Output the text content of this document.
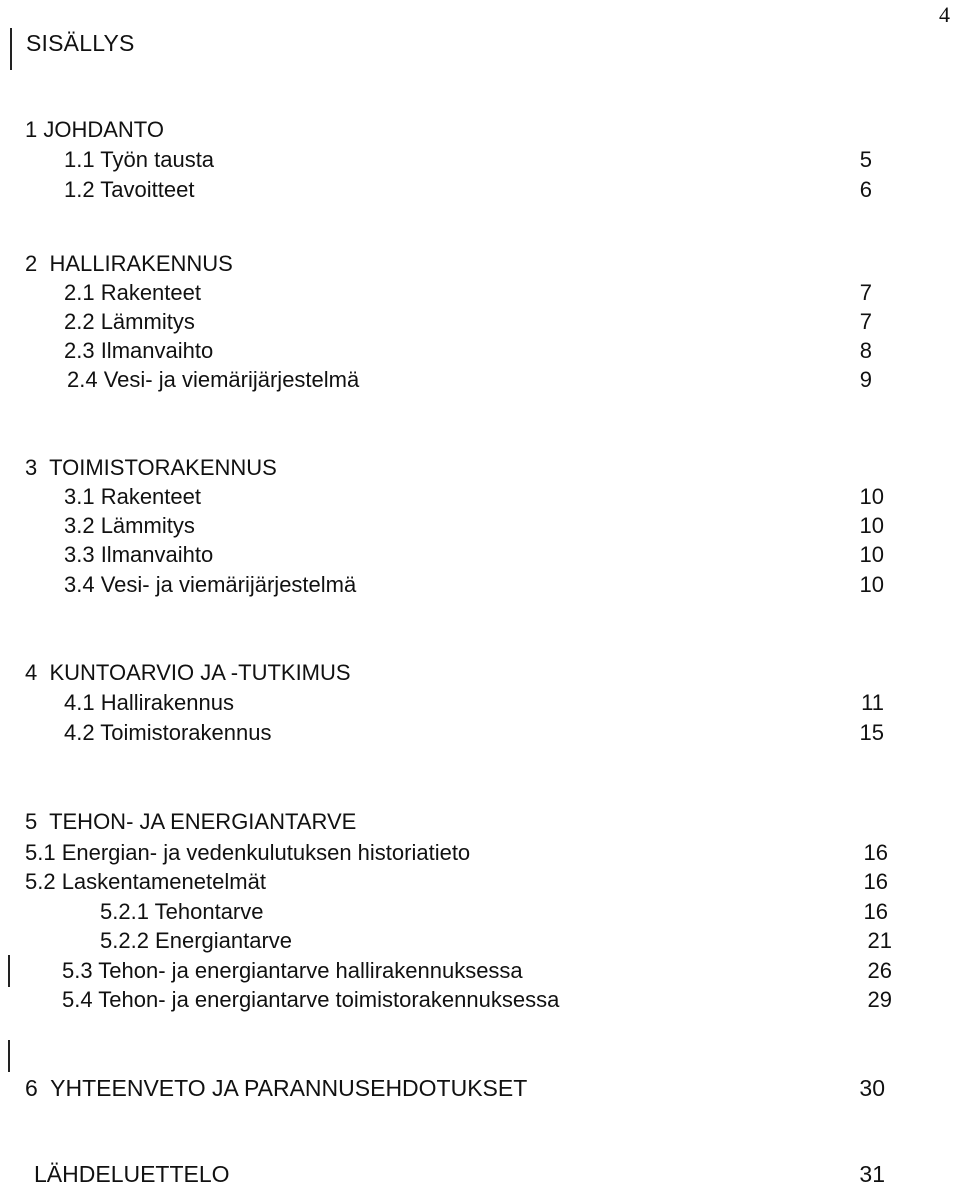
4
SISÄLLYS
1 JOHDANTO
1.1 Työn tausta	5
1.2 Tavoitteet	6
2  HALLIRAKENNUS
2.1 Rakenteet	7
2.2 Lämmitys	7
2.3 Ilmanvaihto	8
2.4 Vesi- ja viemärijärjestelmä	9
3  TOIMISTORAKENNUS
3.1 Rakenteet	10
3.2 Lämmitys	10
3.3 Ilmanvaihto	10
3.4 Vesi- ja viemärijärjestelmä	10
4  KUNTOARVIO JA -TUTKIMUS
4.1 Hallirakennus	11
4.2 Toimistorakennus	15
5  TEHON- JA ENERGIANTARVE
5.1 Energian- ja vedenkulutuksen historiatieto	16
5.2 Laskentamenetelmät	16
5.2.1 Tehontarve	16
5.2.2 Energiantarve	21
5.3 Tehon- ja energiantarve hallirakennuksessa	26
5.4 Tehon- ja energiantarve toimistorakennuksessa	29
6  YHTEENVETO JA PARANNUSEHDOTUKSET	30
LÄHDELUETTELO	31
